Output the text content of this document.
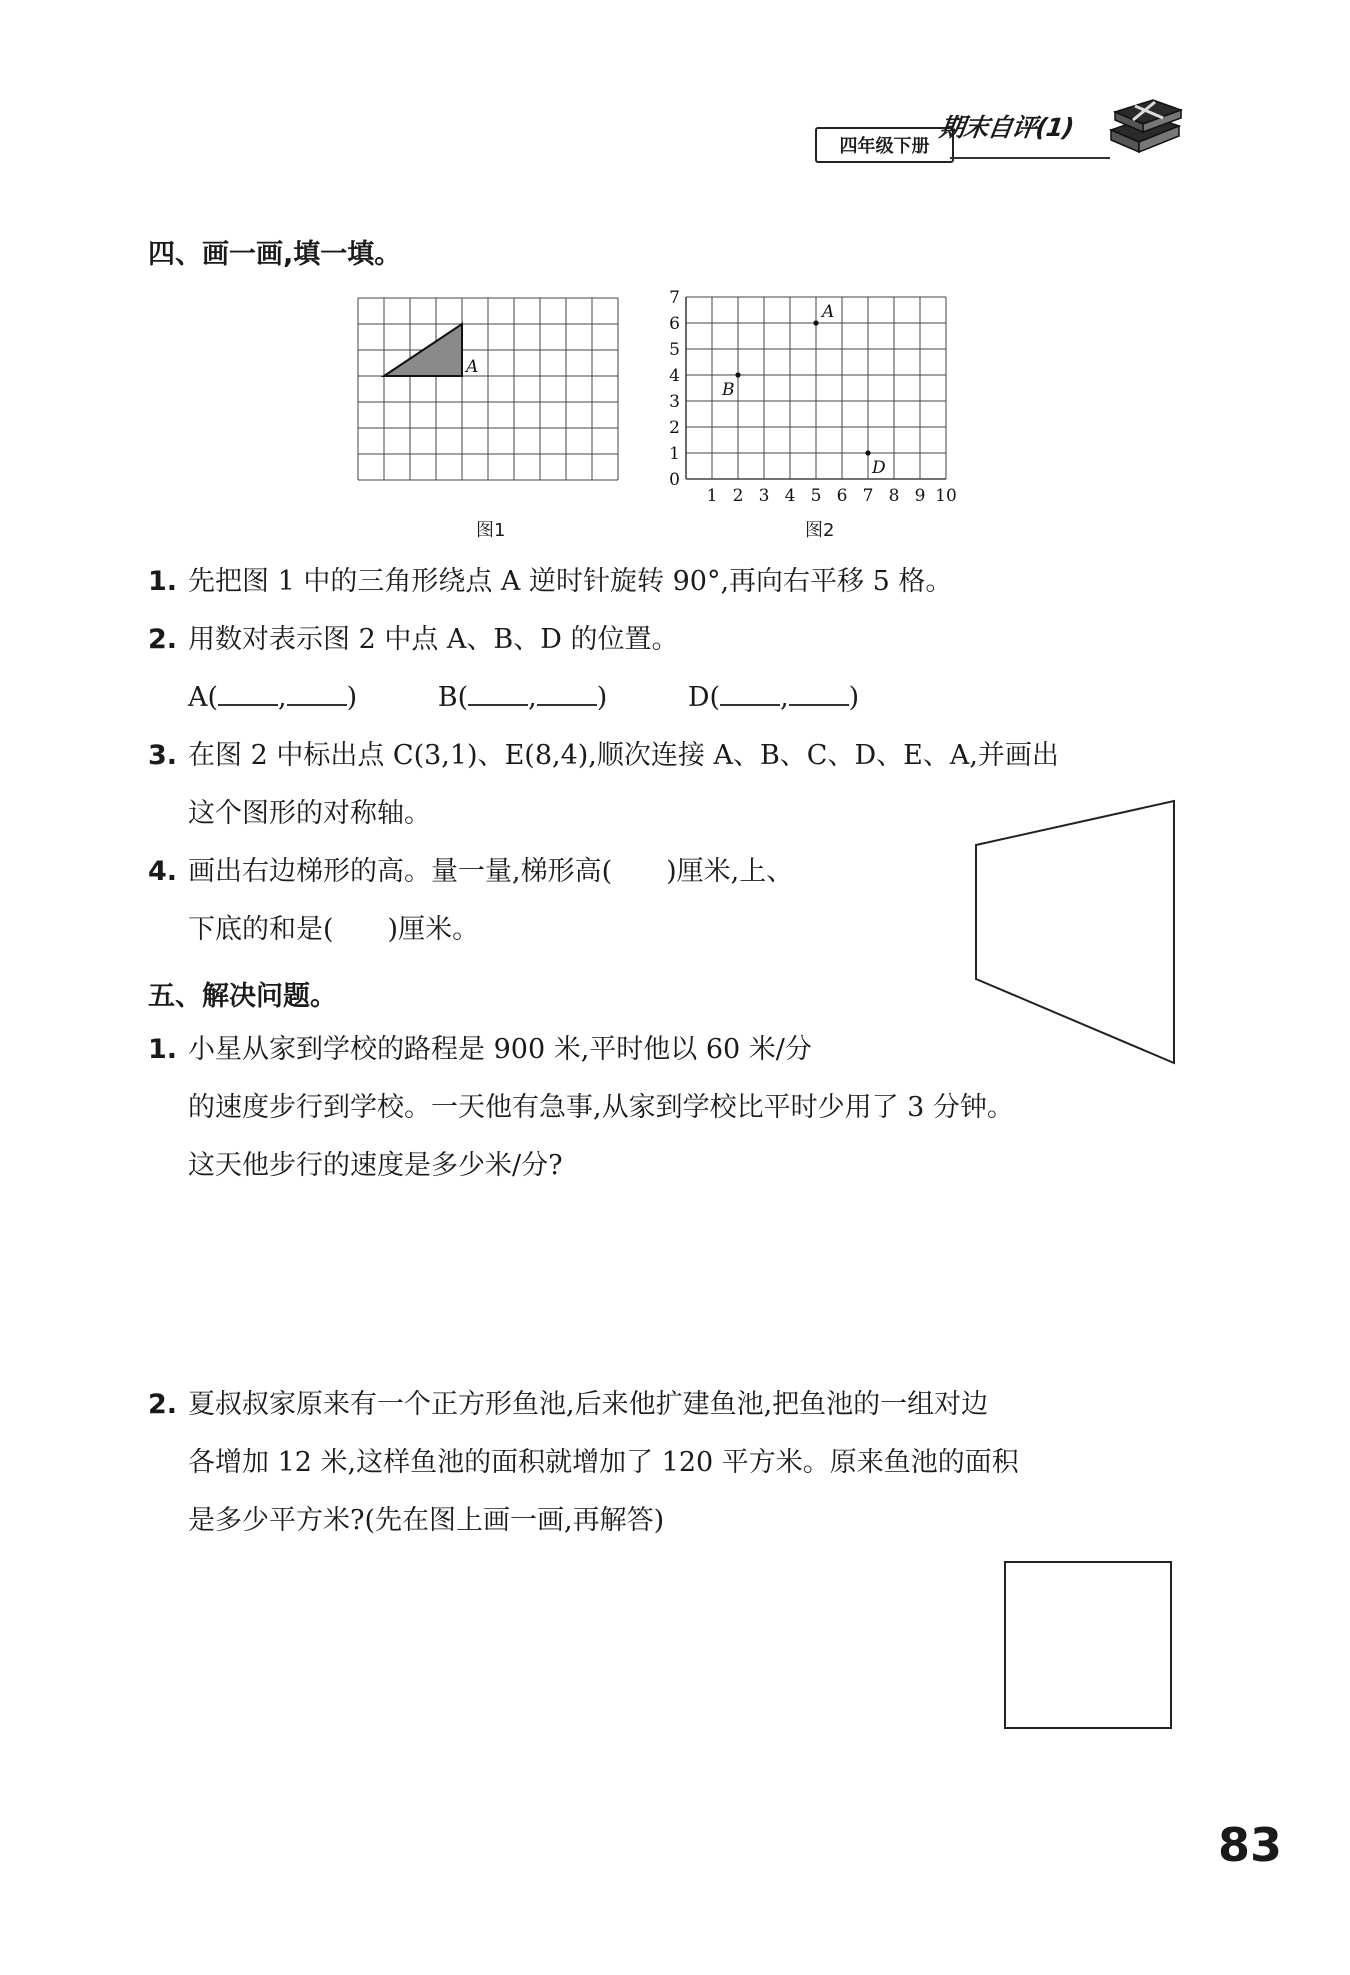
四年级下册
期末自评(1)
四、画一画,填一填。
A
图1
1 2 3 4 5 6 7 8 9 10
0
1
2
3
4
5
6
7
A
B
D
图2
1. 先把图 1 中的三角形绕点 A 逆时针旋转 90°,再向右平移 5 格。
2. 用数对表示图 2 中点 A、B、D 的位置。
A( , )	B( , )	D( , )
3. 在图 2 中标出点 C(3,1)、E(8,4),顺次连接 A、B、C、D、E、A,并画出
这个图形的对称轴。
4. 画出右边梯形的高。量一量,梯形高(　　)厘米,上、
下底的和是(　　)厘米。
五、解决问题。
1. 小星从家到学校的路程是 900 米,平时他以 60 米/分
的速度步行到学校。一天他有急事,从家到学校比平时少用了 3 分钟。
这天他步行的速度是多少米/分?
2. 夏叔叔家原来有一个正方形鱼池,后来他扩建鱼池,把鱼池的一组对边
各增加 12 米,这样鱼池的面积就增加了 120 平方米。原来鱼池的面积
是多少平方米?(先在图上画一画,再解答)
83
